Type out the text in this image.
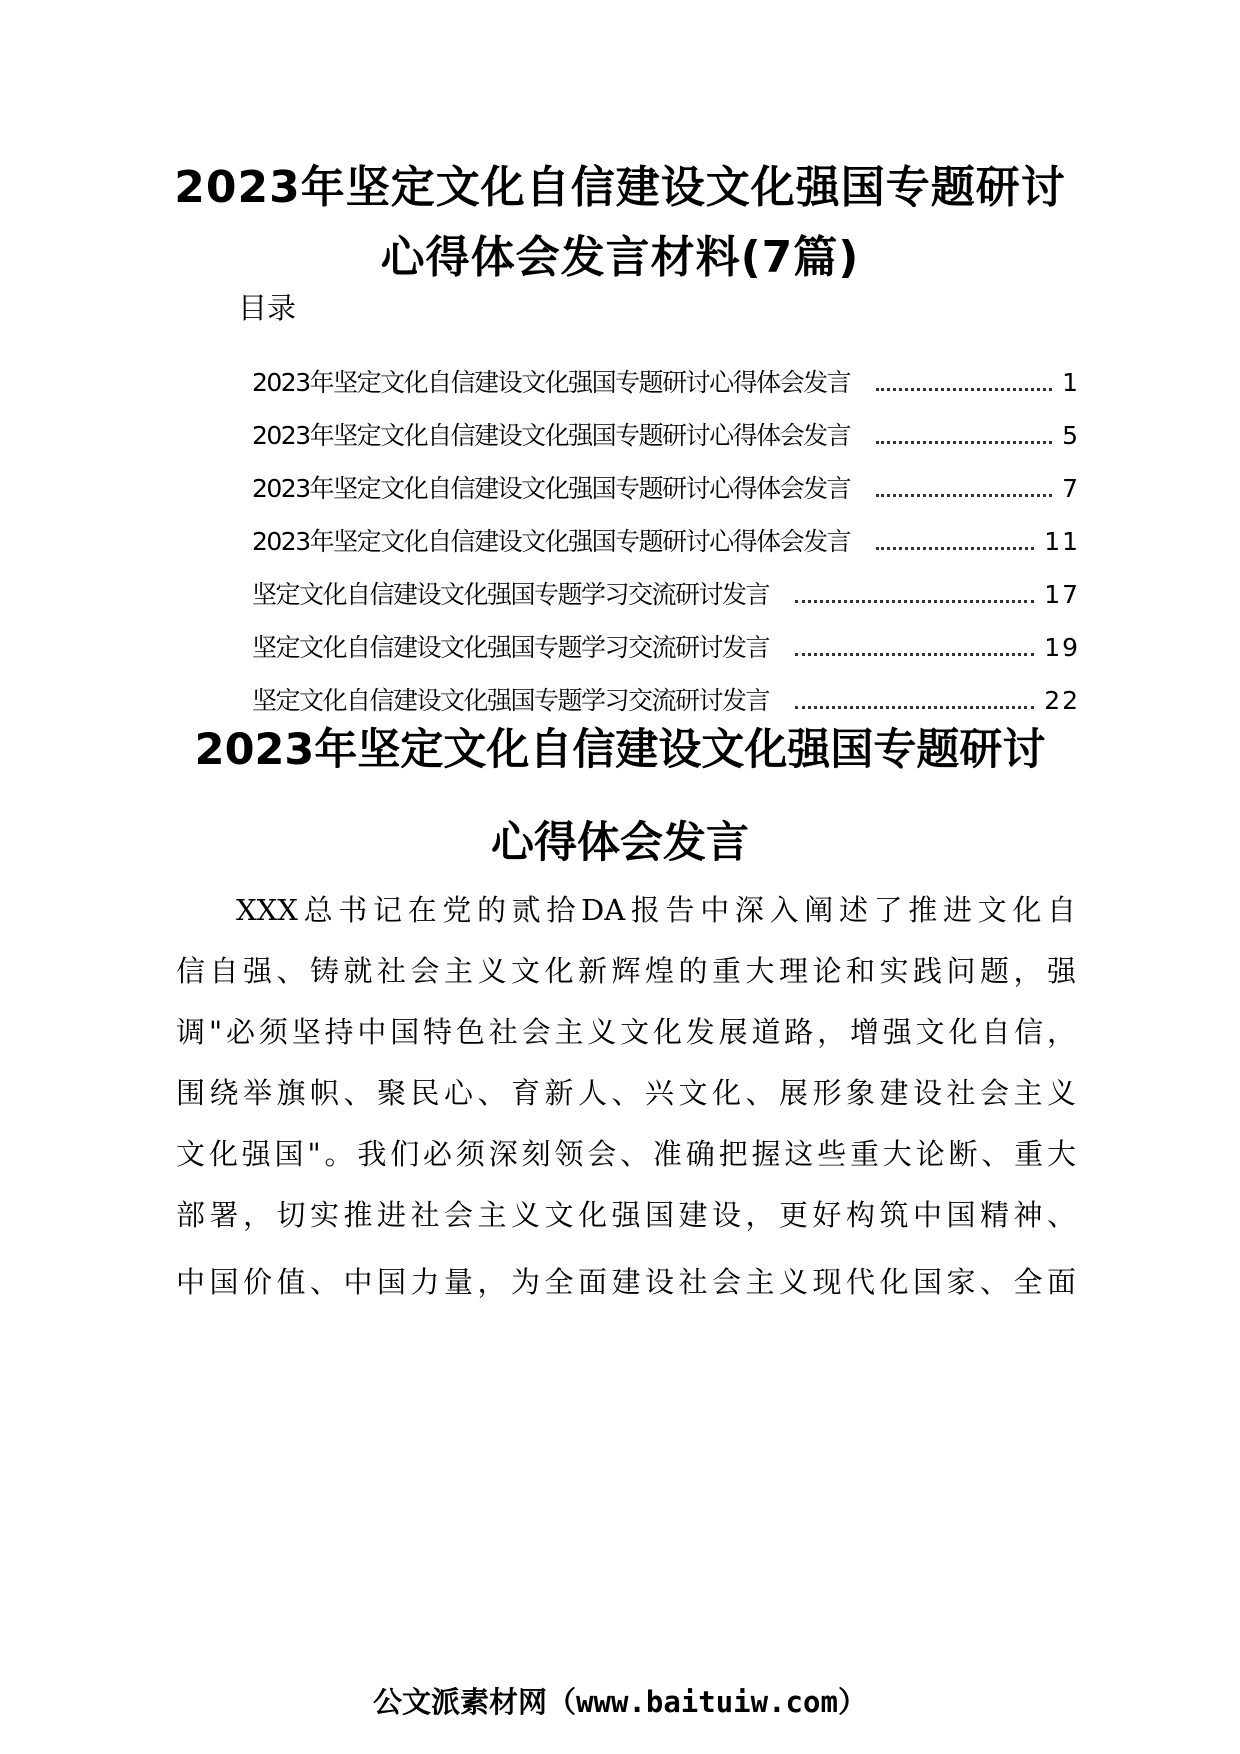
2023年坚定文化自信建设文化强国专题研讨
心得体会发言材料(7篇)
目录
2023年坚定文化自信建设文化强国专题研讨心得体会发言	1
2023年坚定文化自信建设文化强国专题研讨心得体会发言	5
2023年坚定文化自信建设文化强国专题研讨心得体会发言	7
2023年坚定文化自信建设文化强国专题研讨心得体会发言	11
坚定文化自信建设文化强国专题学习交流研讨发言	17
坚定文化自信建设文化强国专题学习交流研讨发言	19
坚定文化自信建设文化强国专题学习交流研讨发言	22
2023年坚定文化自信建设文化强国专题研讨
心得体会发言
XXX总书记在党的贰拾DA报告中深入阐述了推进文化自
信自强、铸就社会主义文化新辉煌的重大理论和实践问题，强
调"必须坚持中国特色社会主义文化发展道路，增强文化自信，
围绕举旗帜、聚民心、育新人、兴文化、展形象建设社会主义
文化强国"。我们必须深刻领会、准确把握这些重大论断、重大
部署，切实推进社会主义文化强国建设，更好构筑中国精神、
中国价值、中国力量，为全面建设社会主义现代化国家、全面
公文派素材网（www.baituiw.com）
